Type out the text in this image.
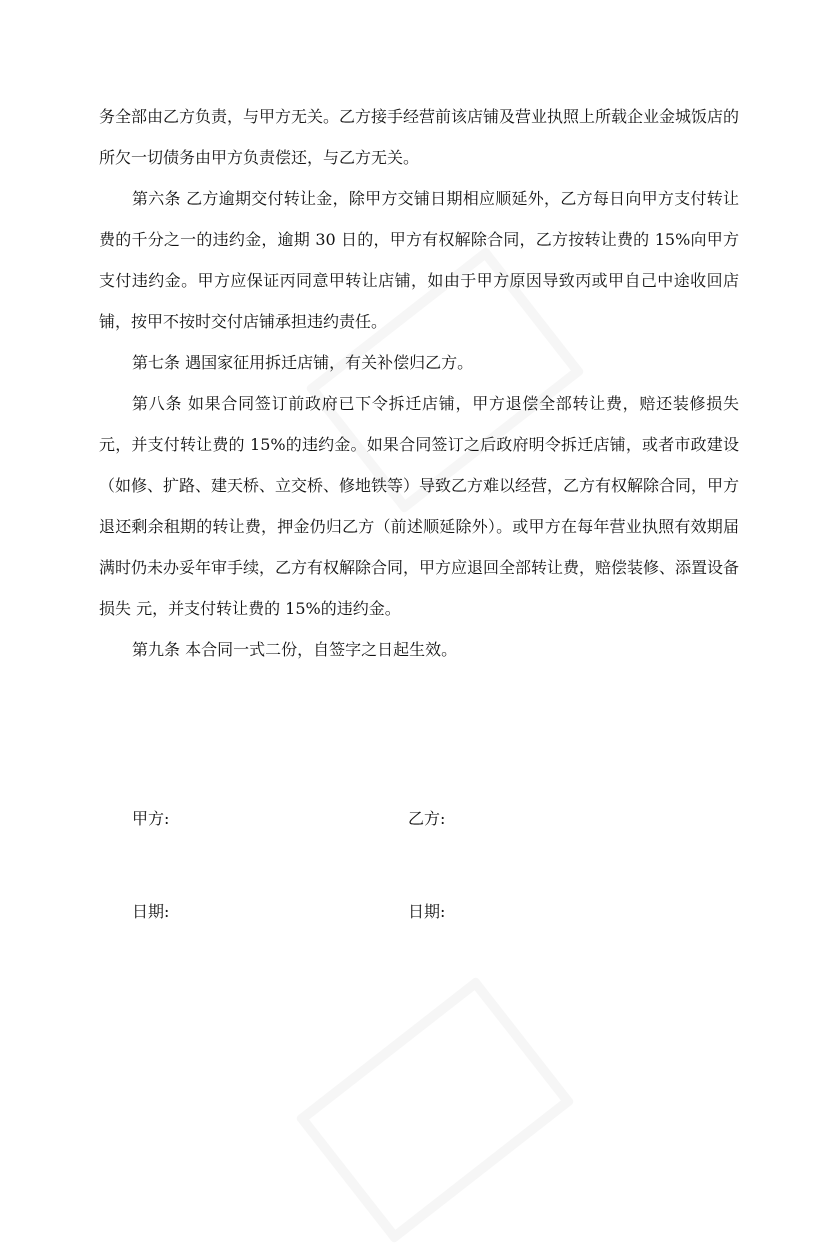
务全部由乙方负责，与甲方无关。乙方接手经营前该店铺及营业执照上所载企业金城饭店的所欠一切债务由甲方负责偿还，与乙方无关。

第六条 乙方逾期交付转让金，除甲方交铺日期相应顺延外，乙方每日向甲方支付转让费的千分之一的违约金，逾期 30 日的，甲方有权解除合同，乙方按转让费的 15%向甲方支付违约金。甲方应保证丙同意甲转让店铺，如由于甲方原因导致丙或甲自己中途收回店铺，按甲不按时交付店铺承担违约责任。

第七条 遇国家征用拆迁店铺，有关补偿归乙方。

第八条 如果合同签订前政府已下令拆迁店铺，甲方退偿全部转让费，赔还装修损失　元，并支付转让费的 15%的违约金。如果合同签订之后政府明令拆迁店铺，或者市政建设（如修、扩路、建天桥、立交桥、修地铁等）导致乙方难以经营，乙方有权解除合同，甲方退还剩余租期的转让费，押金仍归乙方（前述顺延除外）。或甲方在每年营业执照有效期届满时仍未办妥年审手续，乙方有权解除合同，甲方应退回全部转让费，赔偿装修、添置设备损失 元，并支付转让费的 15%的违约金。

第九条 本合同一式二份，自签字之日起生效。

甲方:	乙方:
日期:	日期:
